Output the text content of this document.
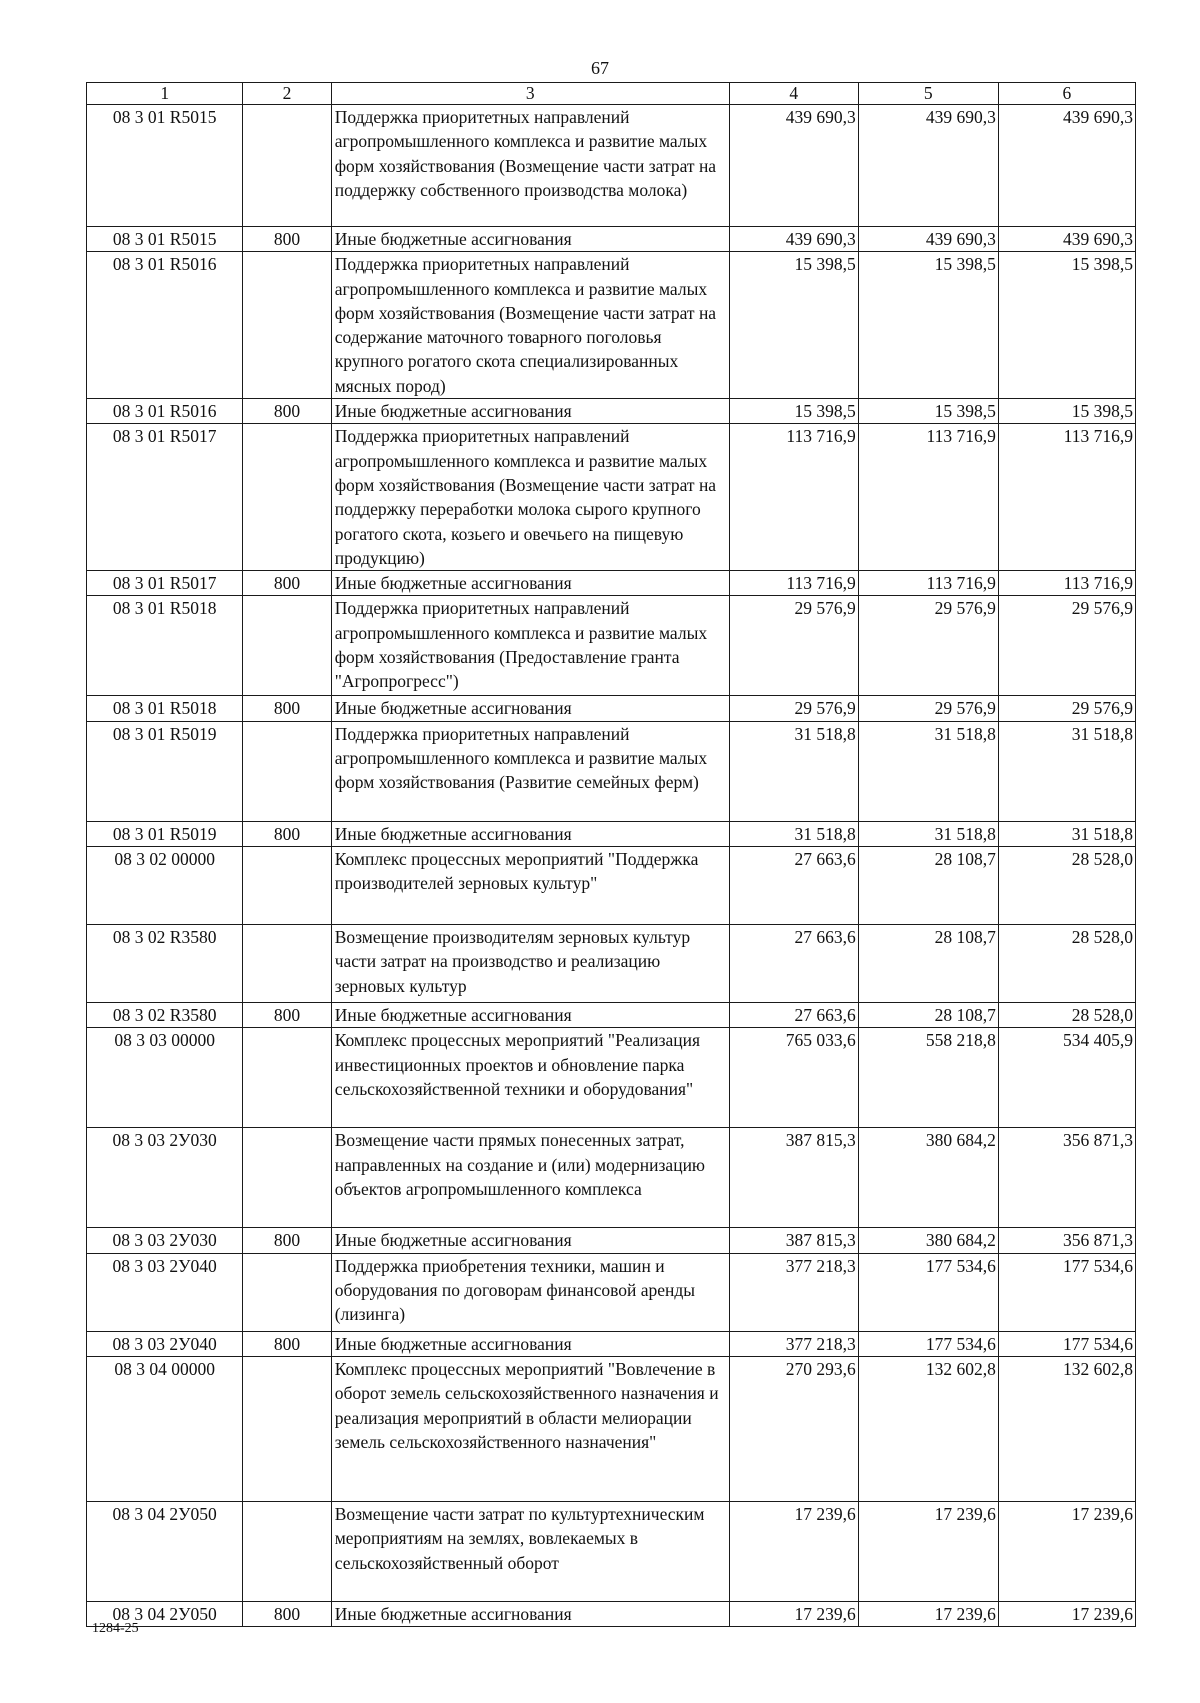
67
1	2	3	4	5	6
08 3 01 R5015		Поддержка приоритетных направлений агропромышленного комплекса и развитие малых форм хозяйствования (Возмещение части затрат на поддержку собственного производства молока)	439 690,3	439 690,3	439 690,3
08 3 01 R5015	800	Иные бюджетные ассигнования	439 690,3	439 690,3	439 690,3
08 3 01 R5016		Поддержка приоритетных направлений агропромышленного комплекса и развитие малых форм хозяйствования (Возмещение части затрат на содержание маточного товарного поголовья крупного рогатого скота специализированных мясных пород)	15 398,5	15 398,5	15 398,5
08 3 01 R5016	800	Иные бюджетные ассигнования	15 398,5	15 398,5	15 398,5
08 3 01 R5017		Поддержка приоритетных направлений агропромышленного комплекса и развитие малых форм хозяйствования (Возмещение части затрат на поддержку переработки молока сырого крупного рогатого скота, козьего и овечьего на пищевую продукцию)	113 716,9	113 716,9	113 716,9
08 3 01 R5017	800	Иные бюджетные ассигнования	113 716,9	113 716,9	113 716,9
08 3 01 R5018		Поддержка приоритетных направлений агропромышленного комплекса и развитие малых форм хозяйствования (Предоставление гранта "Агропрогресс")	29 576,9	29 576,9	29 576,9
08 3 01 R5018	800	Иные бюджетные ассигнования	29 576,9	29 576,9	29 576,9
08 3 01 R5019		Поддержка приоритетных направлений агропромышленного комплекса и развитие малых форм хозяйствования (Развитие семейных ферм)	31 518,8	31 518,8	31 518,8
08 3 01 R5019	800	Иные бюджетные ассигнования	31 518,8	31 518,8	31 518,8
08 3 02 00000		Комплекс процессных мероприятий "Поддержка производителей зерновых культур"	27 663,6	28 108,7	28 528,0
08 3 02 R3580		Возмещение производителям зерновых культур части затрат на производство и реализацию зерновых культур	27 663,6	28 108,7	28 528,0
08 3 02 R3580	800	Иные бюджетные ассигнования	27 663,6	28 108,7	28 528,0
08 3 03 00000		Комплекс процессных мероприятий "Реализация инвестиционных проектов и обновление парка сельскохозяйственной техники и оборудования"	765 033,6	558 218,8	534 405,9
08 3 03 2У030		Возмещение части прямых понесенных затрат, направленных на создание и (или) модернизацию объектов агропромышленного комплекса	387 815,3	380 684,2	356 871,3
08 3 03 2У030	800	Иные бюджетные ассигнования	387 815,3	380 684,2	356 871,3
08 3 03 2У040		Поддержка приобретения техники, машин и оборудования по договорам финансовой аренды (лизинга)	377 218,3	177 534,6	177 534,6
08 3 03 2У040	800	Иные бюджетные ассигнования	377 218,3	177 534,6	177 534,6
08 3 04 00000		Комплекс процессных мероприятий "Вовлечение в оборот земель сельскохозяйственного назначения и реализация мероприятий в области мелиорации земель сельскохозяйственного назначения"	270 293,6	132 602,8	132 602,8
08 3 04 2У050		Возмещение части затрат по культуртехническим мероприятиям на землях, вовлекаемых в сельскохозяйственный оборот	17 239,6	17 239,6	17 239,6
08 3 04 2У050	800	Иные бюджетные ассигнования	17 239,6	17 239,6	17 239,6
1284-25
